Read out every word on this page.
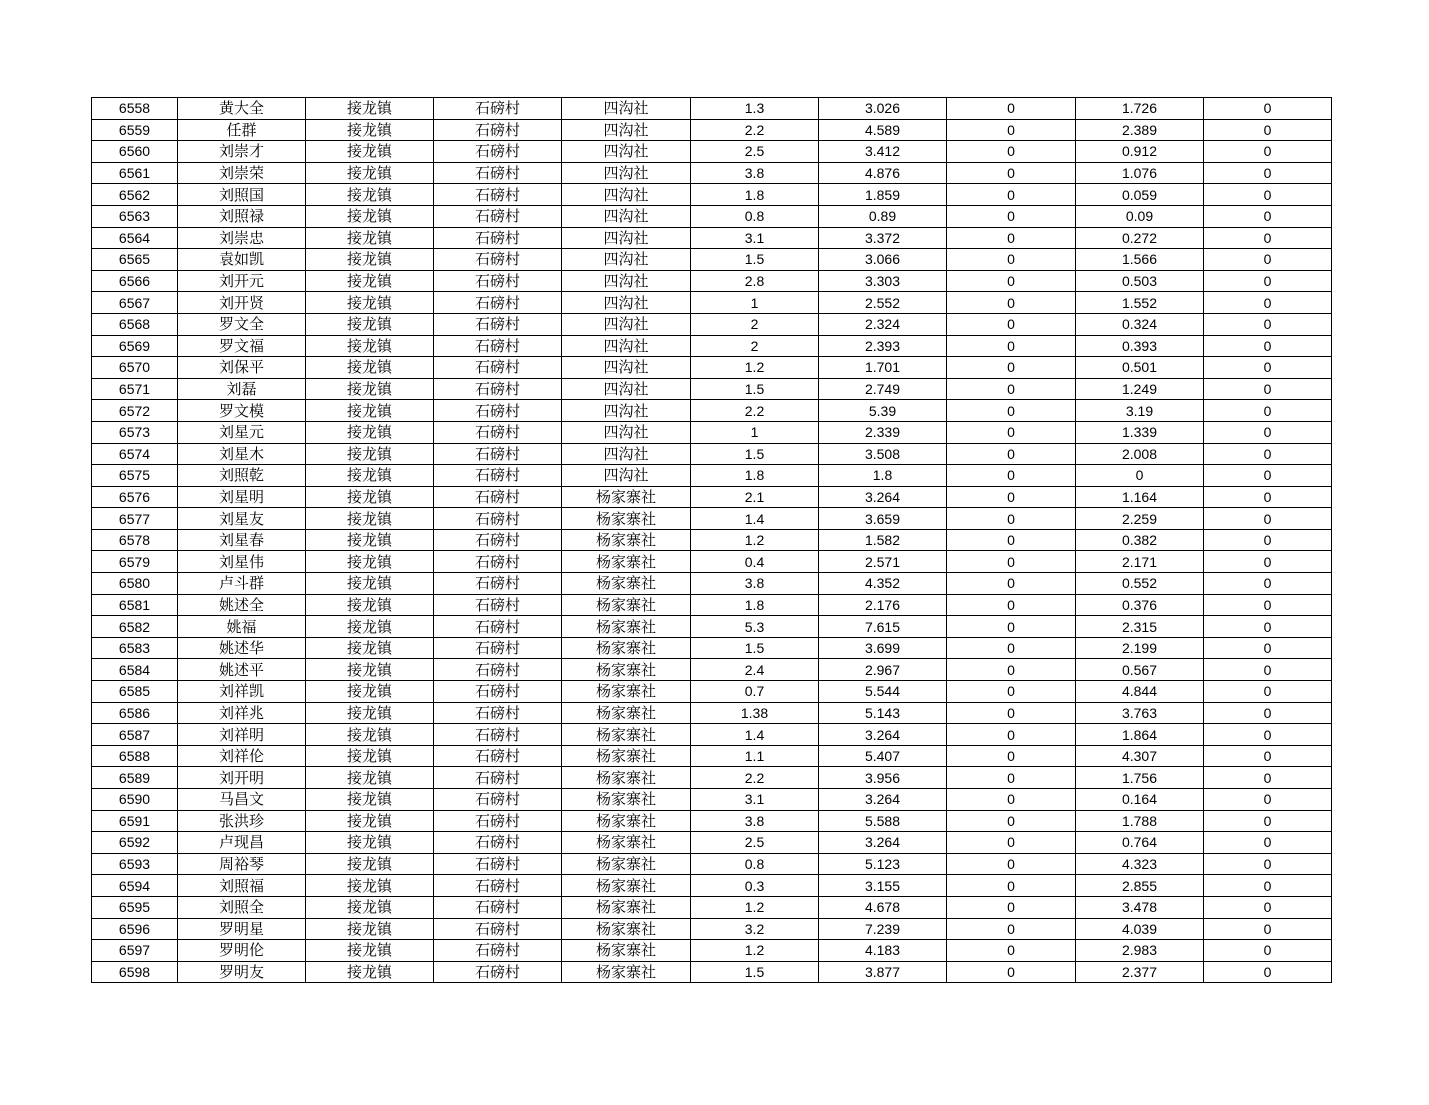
6558	黄大全	接龙镇	石磅村	四沟社	1.3	3.026	0	1.726	0
6559	任群	接龙镇	石磅村	四沟社	2.2	4.589	0	2.389	0
6560	刘崇才	接龙镇	石磅村	四沟社	2.5	3.412	0	0.912	0
6561	刘崇荣	接龙镇	石磅村	四沟社	3.8	4.876	0	1.076	0
6562	刘照国	接龙镇	石磅村	四沟社	1.8	1.859	0	0.059	0
6563	刘照禄	接龙镇	石磅村	四沟社	0.8	0.89	0	0.09	0
6564	刘崇忠	接龙镇	石磅村	四沟社	3.1	3.372	0	0.272	0
6565	袁如凯	接龙镇	石磅村	四沟社	1.5	3.066	0	1.566	0
6566	刘开元	接龙镇	石磅村	四沟社	2.8	3.303	0	0.503	0
6567	刘开贤	接龙镇	石磅村	四沟社	1	2.552	0	1.552	0
6568	罗文全	接龙镇	石磅村	四沟社	2	2.324	0	0.324	0
6569	罗文福	接龙镇	石磅村	四沟社	2	2.393	0	0.393	0
6570	刘保平	接龙镇	石磅村	四沟社	1.2	1.701	0	0.501	0
6571	刘磊	接龙镇	石磅村	四沟社	1.5	2.749	0	1.249	0
6572	罗文模	接龙镇	石磅村	四沟社	2.2	5.39	0	3.19	0
6573	刘星元	接龙镇	石磅村	四沟社	1	2.339	0	1.339	0
6574	刘星木	接龙镇	石磅村	四沟社	1.5	3.508	0	2.008	0
6575	刘照乾	接龙镇	石磅村	四沟社	1.8	1.8	0	0	0
6576	刘星明	接龙镇	石磅村	杨家寨社	2.1	3.264	0	1.164	0
6577	刘星友	接龙镇	石磅村	杨家寨社	1.4	3.659	0	2.259	0
6578	刘星春	接龙镇	石磅村	杨家寨社	1.2	1.582	0	0.382	0
6579	刘星伟	接龙镇	石磅村	杨家寨社	0.4	2.571	0	2.171	0
6580	卢斗群	接龙镇	石磅村	杨家寨社	3.8	4.352	0	0.552	0
6581	姚述全	接龙镇	石磅村	杨家寨社	1.8	2.176	0	0.376	0
6582	姚福	接龙镇	石磅村	杨家寨社	5.3	7.615	0	2.315	0
6583	姚述华	接龙镇	石磅村	杨家寨社	1.5	3.699	0	2.199	0
6584	姚述平	接龙镇	石磅村	杨家寨社	2.4	2.967	0	0.567	0
6585	刘祥凯	接龙镇	石磅村	杨家寨社	0.7	5.544	0	4.844	0
6586	刘祥兆	接龙镇	石磅村	杨家寨社	1.38	5.143	0	3.763	0
6587	刘祥明	接龙镇	石磅村	杨家寨社	1.4	3.264	0	1.864	0
6588	刘祥伦	接龙镇	石磅村	杨家寨社	1.1	5.407	0	4.307	0
6589	刘开明	接龙镇	石磅村	杨家寨社	2.2	3.956	0	1.756	0
6590	马昌文	接龙镇	石磅村	杨家寨社	3.1	3.264	0	0.164	0
6591	张洪珍	接龙镇	石磅村	杨家寨社	3.8	5.588	0	1.788	0
6592	卢现昌	接龙镇	石磅村	杨家寨社	2.5	3.264	0	0.764	0
6593	周裕琴	接龙镇	石磅村	杨家寨社	0.8	5.123	0	4.323	0
6594	刘照福	接龙镇	石磅村	杨家寨社	0.3	3.155	0	2.855	0
6595	刘照全	接龙镇	石磅村	杨家寨社	1.2	4.678	0	3.478	0
6596	罗明星	接龙镇	石磅村	杨家寨社	3.2	7.239	0	4.039	0
6597	罗明伦	接龙镇	石磅村	杨家寨社	1.2	4.183	0	2.983	0
6598	罗明友	接龙镇	石磅村	杨家寨社	1.5	3.877	0	2.377	0
